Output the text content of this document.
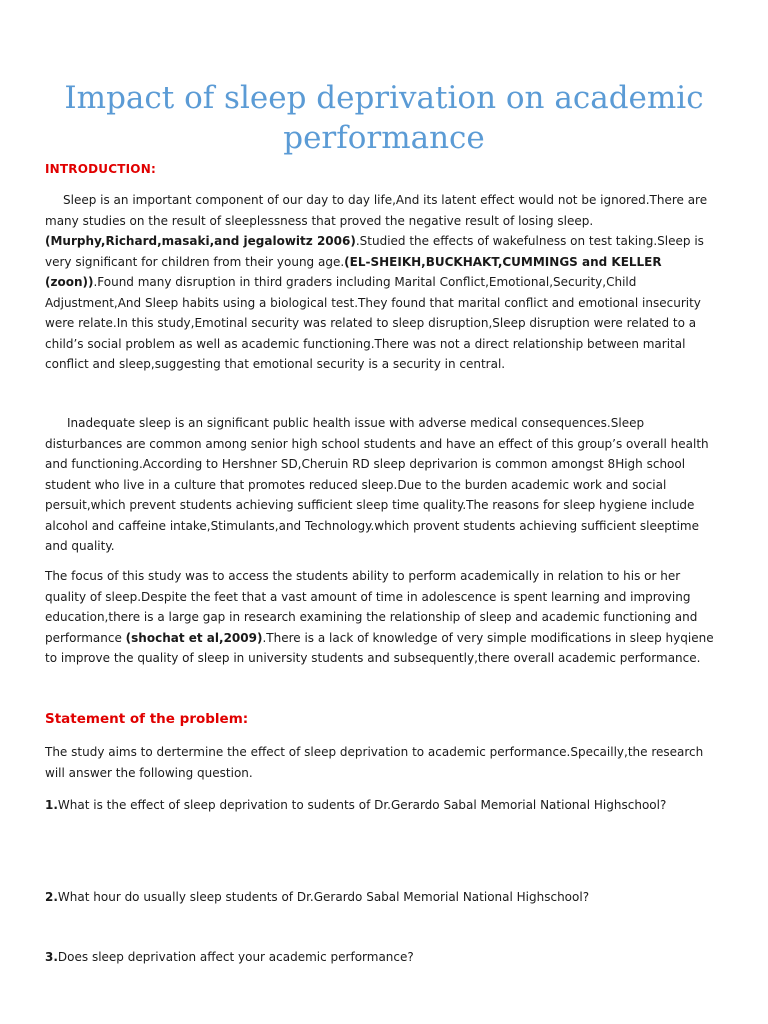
Impact of sleep deprivation on academic performance
INTRODUCTION:
Sleep is an important component of our day to day life,And its latent effect would not be ignored.There are many studies on the result of sleeplessness that proved the negative result of losing sleep. (Murphy,Richard,masaki,and jegalowitz 2006).Studied the effects of wakefulness on test taking.Sleep is very significant for children from their young age.(EL-SHEIKH,BUCKHAKT,CUMMINGS and KELLER (zoon)).Found many disruption in third graders including Marital Conflict,Emotional,Security,Child Adjustment,And Sleep habits using a biological test.They found that marital conflict and emotional insecurity were relate.In this study,Emotinal security was related to sleep disruption,Sleep disruption were related to a child’s social problem as well as academic functioning.There was not a direct relationship between marital conflict and sleep,suggesting that emotional security is a security in central.
Inadequate sleep is an significant public health issue with adverse medical consequences.Sleep disturbances are common among senior high school students and have an effect of this group’s overall health and functioning.According to Hershner SD,Cheruin RD sleep deprivarion is common amongst 8High school student who live in a culture that promotes reduced sleep.Due to the burden academic work and social persuit,which prevent students achieving sufficient sleep time quality.The reasons for sleep hygiene include alcohol and caffeine intake,Stimulants,and Technology.which provent students achieving sufficient sleeptime and quality.
The focus of this study was to access the students ability to perform academically in relation to his or her quality of sleep.Despite the feet that a vast amount of time in adolescence is spent learning and improving education,there is a large gap in research examining the relationship of sleep and academic functioning and performance (shochat et al,2009).There is a lack of knowledge of very simple modifications in sleep hyqiene to improve the quality of sleep in university students and subsequently,there overall academic performance.
Statement of the problem:
The study aims to dertermine the effect of sleep deprivation to academic performance.Specailly,the research will answer the following question.
1.What is the effect of sleep deprivation to sudents of Dr.Gerardo Sabal Memorial National Highschool?
2.What hour do usually sleep students of Dr.Gerardo Sabal Memorial National Highschool?
3.Does sleep deprivation affect your academic performance?
